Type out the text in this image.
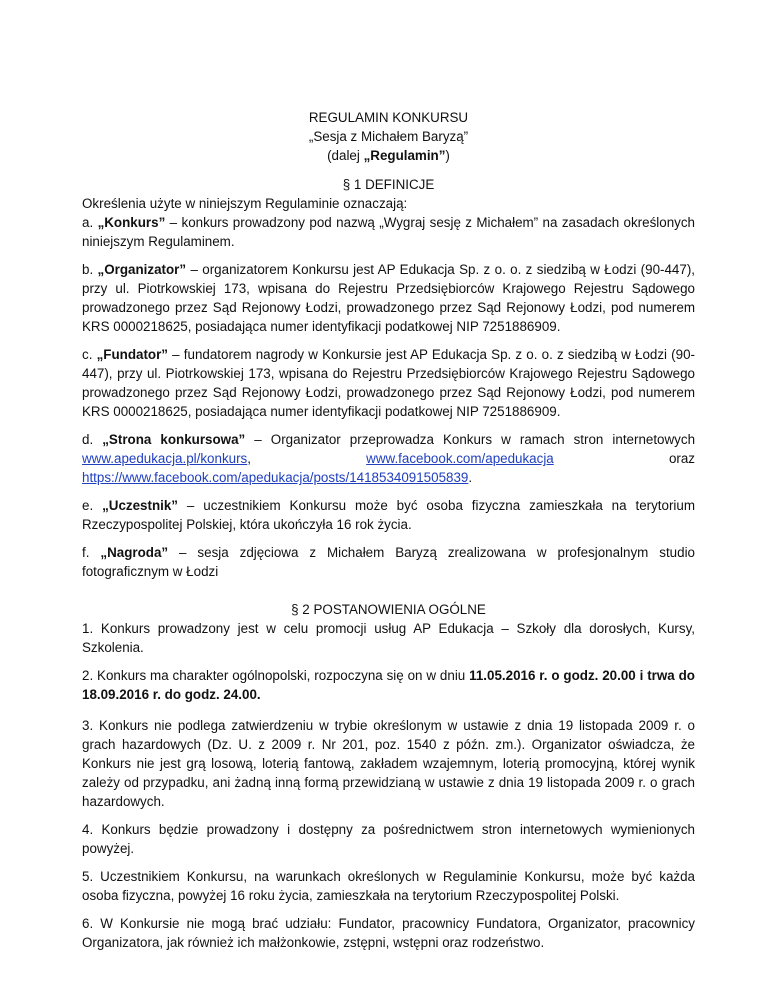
REGULAMIN KONKURSU
„Sesja z Michałem Baryzą”
(dalej „Regulamin”)
§ 1 DEFINICJE

Określenia użyte w niniejszym Regulaminie oznaczają:

a. „Konkurs” – konkurs prowadzony pod nazwą „Wygraj sesję z Michałem” na zasadach określonych niniejszym Regulaminem.

b. „Organizator” – organizatorem Konkursu jest AP Edukacja Sp. z o. o. z siedzibą w Łodzi (90-447), przy ul. Piotrkowskiej 173, wpisana do Rejestru Przedsiębiorców Krajowego Rejestru Sądowego prowadzonego przez Sąd Rejonowy Łodzi, prowadzonego przez Sąd Rejonowy Łodzi, pod numerem KRS 0000218625, posiadająca numer identyfikacji podatkowej NIP 7251886909.

c. „Fundator” – fundatorem nagrody w Konkursie jest AP Edukacja Sp. z o. o. z siedzibą w Łodzi (90-447), przy ul. Piotrkowskiej 173, wpisana do Rejestru Przedsiębiorców Krajowego Rejestru Sądowego prowadzonego przez Sąd Rejonowy Łodzi, prowadzonego przez Sąd Rejonowy Łodzi, pod numerem KRS 0000218625, posiadająca numer identyfikacji podatkowej NIP 7251886909.

d. „Strona konkursowa” – Organizator przeprowadza Konkurs w ramach stron internetowych

www.apedukacja.pl/konkurs,	www.facebook.com/apedukacja	oraz

https://www.facebook.com/apedukacja/posts/1418534091505839.

e. „Uczestnik” – uczestnikiem Konkursu może być osoba fizyczna zamieszkała na terytorium Rzeczypospolitej Polskiej, która ukończyła 16 rok życia.

f. „Nagroda” – sesja zdjęciowa z Michałem Baryzą zrealizowana w profesjonalnym studio fotograficznym w Łodzi

§ 2 POSTANOWIENIA OGÓLNE

1. Konkurs prowadzony jest w celu promocji usług AP Edukacja – Szkoły dla dorosłych, Kursy, Szkolenia.

2. Konkurs ma charakter ogólnopolski, rozpoczyna się on w dniu 11.05.2016 r. o godz. 20.00 i trwa do 18.09.2016 r. do godz. 24.00.

3. Konkurs nie podlega zatwierdzeniu w trybie określonym w ustawie z dnia 19 listopada 2009 r. o grach hazardowych (Dz. U. z 2009 r. Nr 201, poz. 1540 z późn. zm.). Organizator oświadcza, że Konkurs nie jest grą losową, loterią fantową, zakładem wzajemnym, loterią promocyjną, której wynik zależy od przypadku, ani żadną inną formą przewidzianą w ustawie z dnia 19 listopada 2009 r. o grach hazardowych.

4. Konkurs będzie prowadzony i dostępny za pośrednictwem stron internetowych wymienionych powyżej.

5. Uczestnikiem Konkursu, na warunkach określonych w Regulaminie Konkursu, może być każda osoba fizyczna, powyżej 16 roku życia, zamieszkała na terytorium Rzeczypospolitej Polski.

6. W Konkursie nie mogą brać udziału: Fundator, pracownicy Fundatora, Organizator, pracownicy Organizatora, jak również ich małżonkowie, zstępni, wstępni oraz rodzeństwo.
